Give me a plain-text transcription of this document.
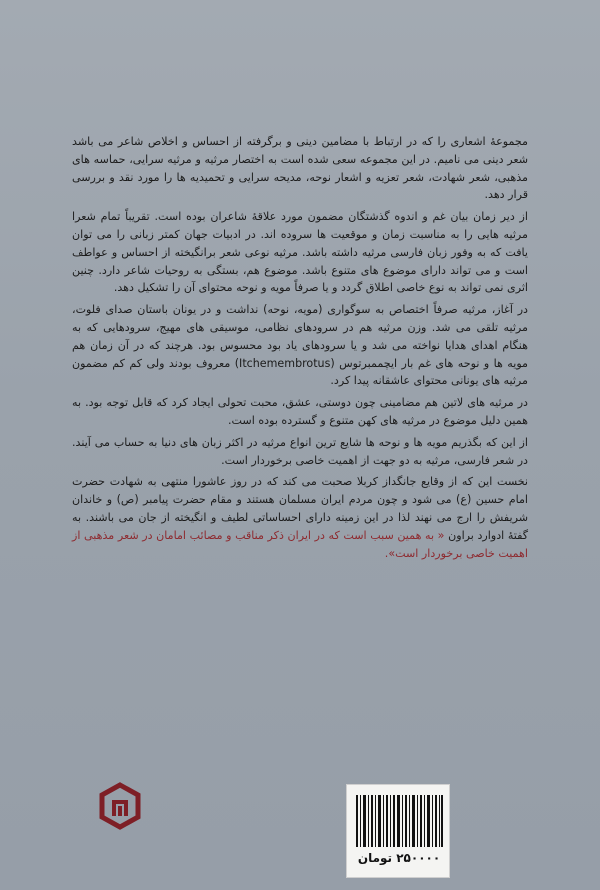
مجموعهٔ اشعاری را که در ارتباط با مضامین دینی و برگرفته از احساس و اخلاص شاعر می باشد شعر دینی می نامیم. در این مجموعه سعی شده است به اختصار مرثیه و مرثیه سرایی، حماسه های مذهبی، شعر شهادت، شعر تعزیه و اشعار نوحه، مدیحه سرایی و تحمیدیه ها را مورد نقد و بررسی قرار دهد.

از دیر زمان بیان غم و اندوه گذشتگان مضمون مورد علاقهٔ شاعران بوده است. تقریباً تمام شعرا مرثیه هایی را به مناسبت زمان و موقعیت ها سروده اند. در ادبیات جهان کمتر زبانی را می توان یافت که به وفور زبان فارسی مرثیه داشته باشد. مرثیه نوعی شعر برانگیخته از احساس و عواطف است و می تواند دارای موضوع های متنوع باشد. موضوع هم، بستگی به روحیات شاعر دارد. چنین اثری نمی تواند به نوع خاصی اطلاق گردد و یا صرفاً مویه و نوحه محتوای آن را تشکیل دهد.

در آغاز، مرثیه صرفاً اختصاص به سوگواری (مویه، نوحه) نداشت و در یونان باستان صدای فلوت، مرثیه تلقی می شد. وزن مرثیه هم در سرودهای نظامی، موسیقی های مهیج، سرودهایی که به هنگام اهدای هدایا نواخته می شد و یا سرودهای یاد بود محسوس بود. هرچند که در آن زمان هم مویه ها و نوحه های غم بار ایچممبرتوس (Itchemembrotus) معروف بودند ولی کم کم مضمون مرثیه های یونانی محتوای عاشقانه پیدا کرد.

در مرثیه های لاتین هم مضامینی چون دوستی، عشق، محبت تحولی ایجاد کرد که قابل توجه بود. به همین دلیل موضوع در مرثیه های کهن متنوع و گسترده بوده است.

از این که بگذریم مویه ها و نوحه ها شایع ترین انواع مرثیه در اکثر زبان های دنیا به حساب می آیند. در شعر فارسی، مرثیه به دو جهت از اهمیت خاصی برخوردار است.

نخست این که از وقایع جانگداز کربلا صحبت می کند که در روز عاشورا منتهی به شهادت حضرت امام حسین (ع) می شود و چون مردم ایران مسلمان هستند و مقام حضرت پیامبر (ص) و خاندان شریفش را ارج می نهند لذا در این زمینه دارای احساساتی لطیف و انگیخته از جان می باشند. به گفتهٔ ادوارد براون « به همین سبب است که در ایران ذکر مناقب و مصائب امامان در شعر مذهبی از اهمیت خاصی برخوردار است».

۲۵۰۰۰۰ تومان
